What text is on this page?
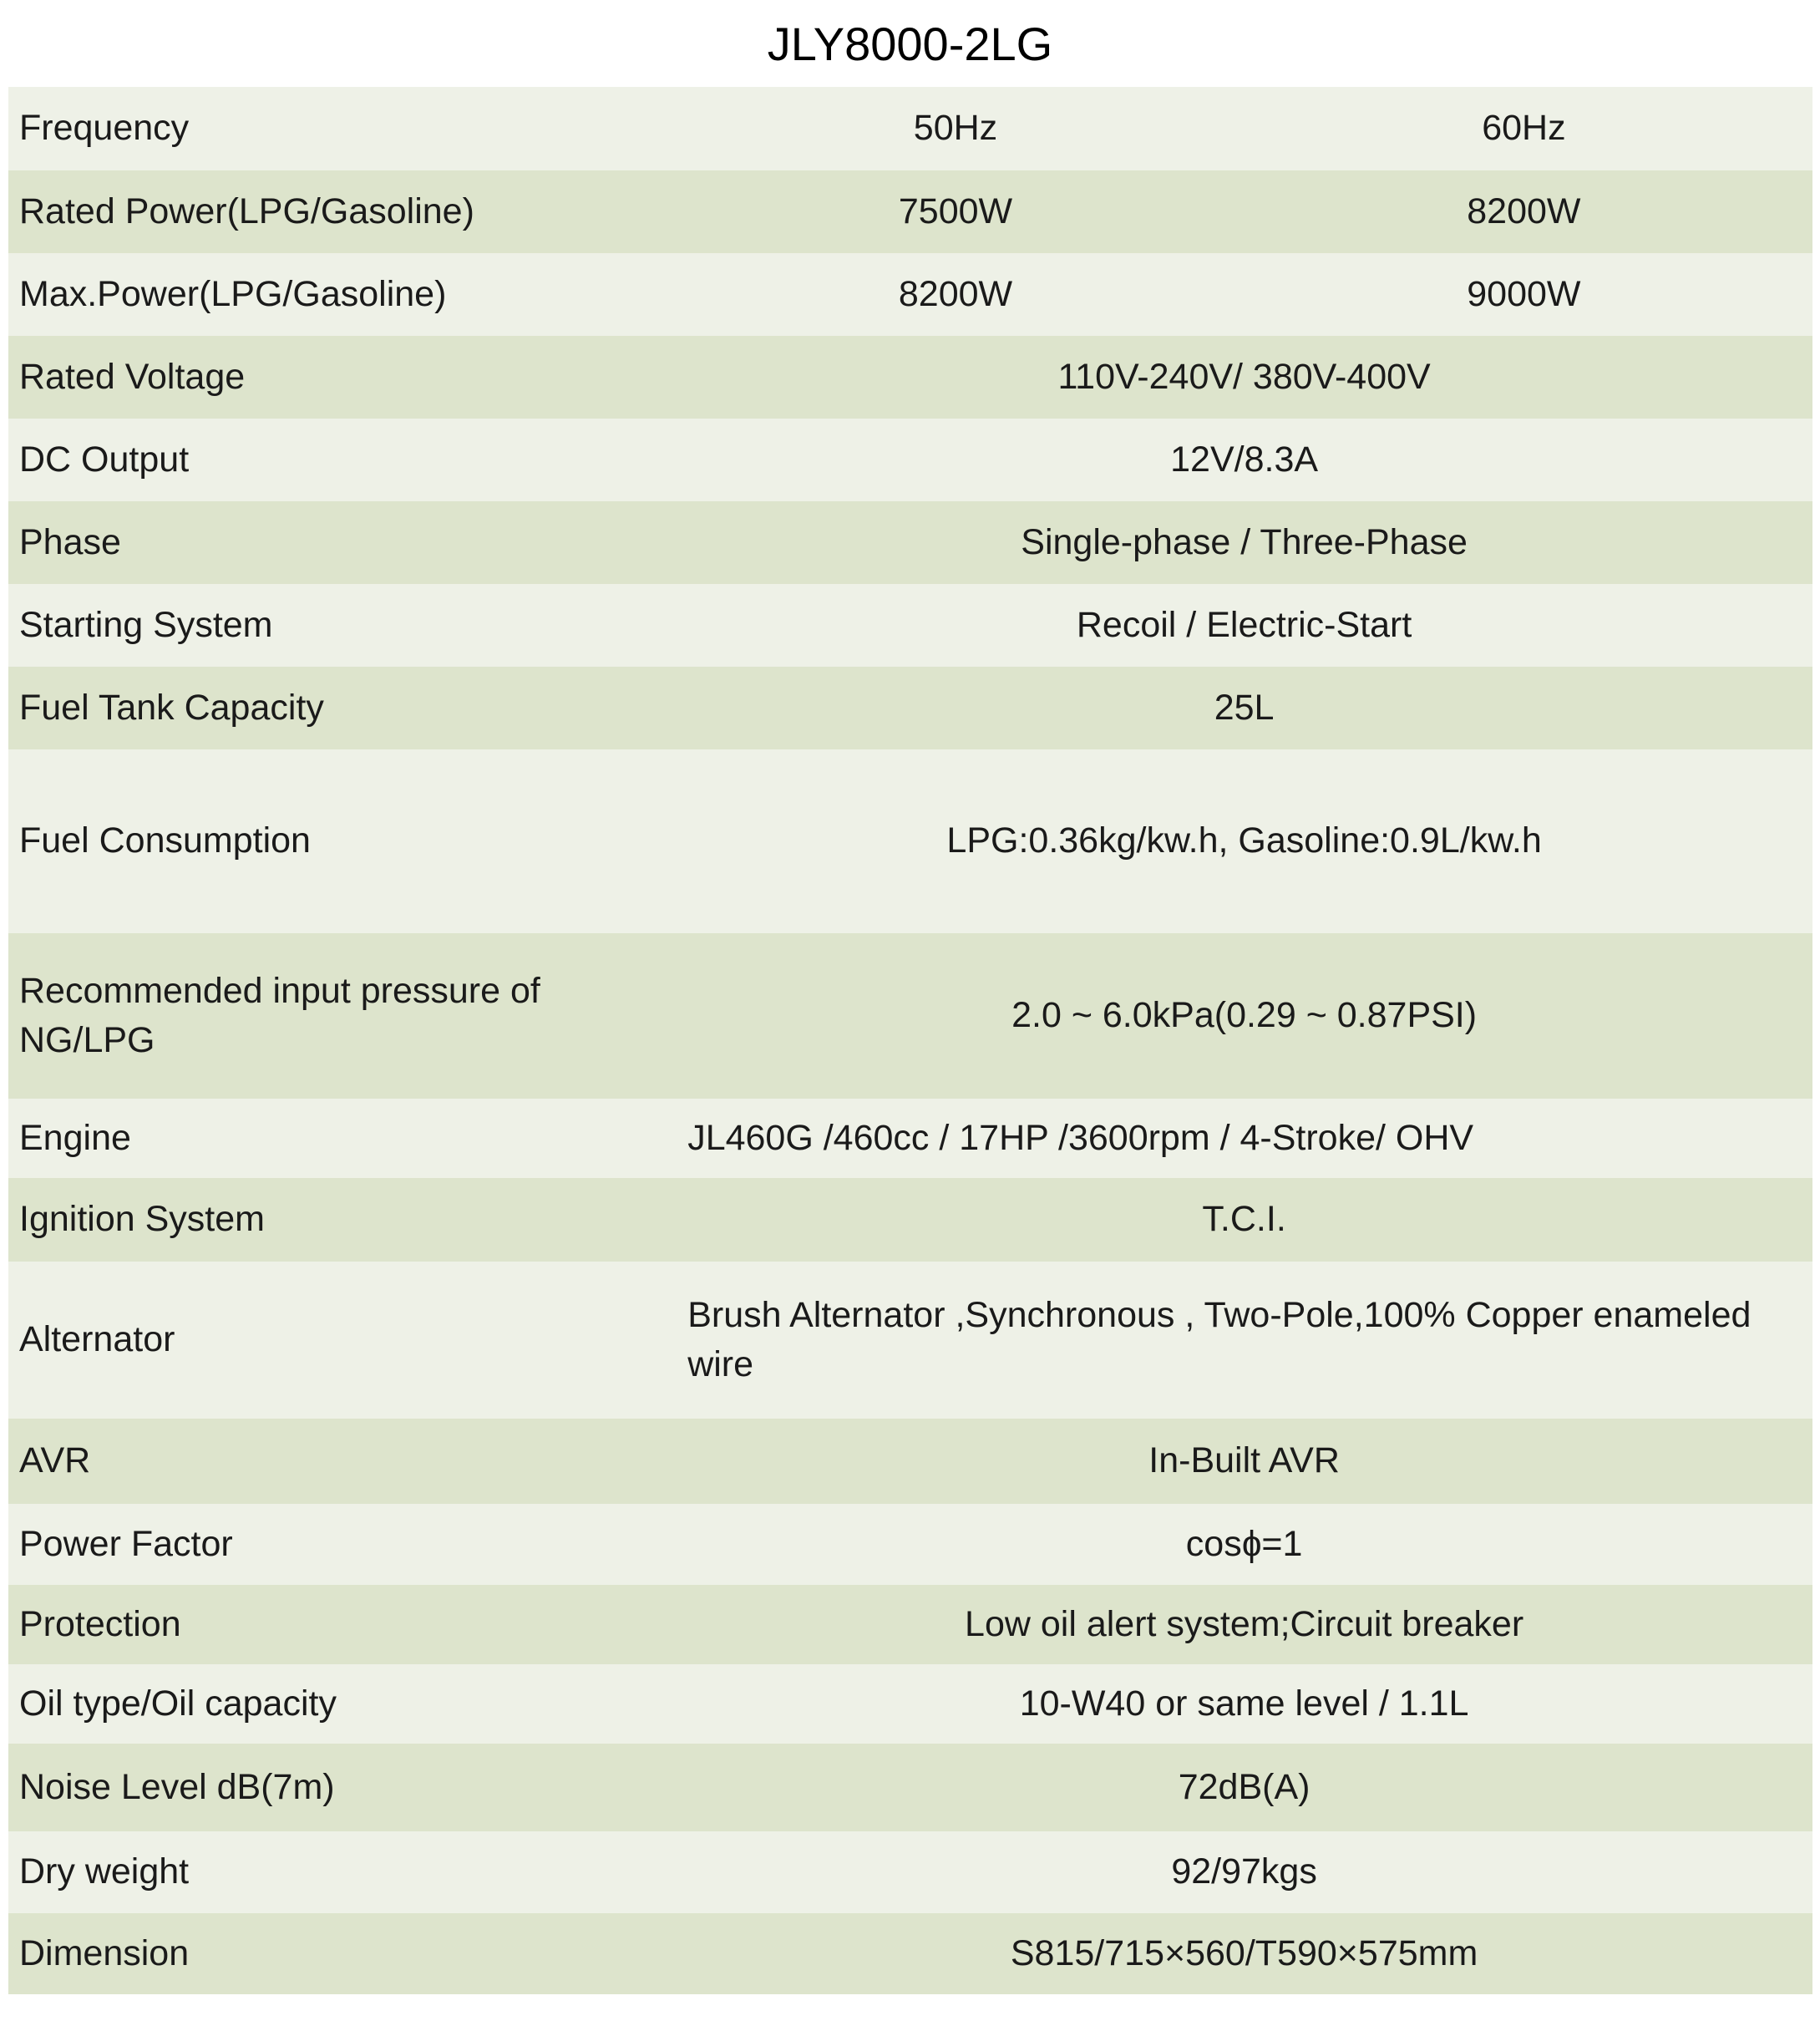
JLY8000-2LG
Frequency	50Hz	60Hz
Rated Power(LPG/Gasoline)	7500W	8200W
Max.Power(LPG/Gasoline)	8200W	9000W
Rated Voltage	110V-240V/ 380V-400V	
DC Output	12V/8.3A	
Phase	Single-phase / Three-Phase	
Starting System	Recoil / Electric-Start	
Fuel Tank Capacity	25L	
Fuel Consumption	LPG:0.36kg/kw.h, Gasoline:0.9L/kw.h	
Recommended input pressure of NG/LPG	2.0 ~ 6.0kPa(0.29 ~ 0.87PSI)	
Engine	JL460G /460cc / 17HP /3600rpm / 4-Stroke/ OHV	
Ignition System	T.C.I.	
Alternator	Brush Alternator ,Synchronous , Two-Pole,100% Copper enameled wire	
AVR	In-Built AVR	
Power Factor	cosɸ=1	
Protection	Low oil alert system;Circuit breaker	
Oil type/Oil capacity	10-W40 or same level / 1.1L	
Noise Level dB(7m)	72dB(A)	
Dry weight	92/97kgs	
Dimension	S815/715×560/T590×575mm	
